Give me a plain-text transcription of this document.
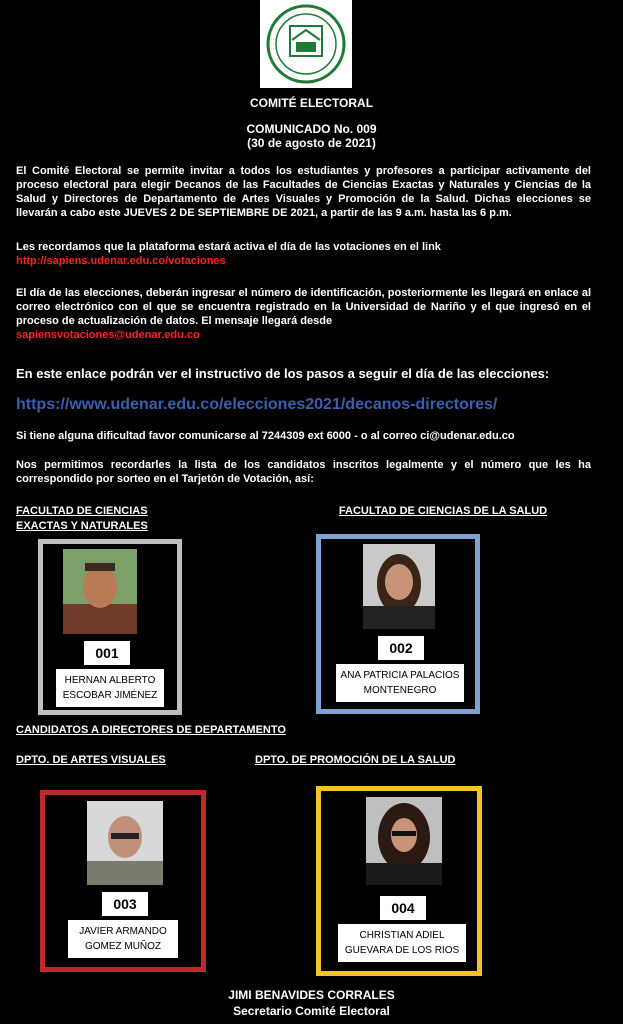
COMITÉ ELECTORAL
COMUNICADO No. 009
(30 de agosto de 2021)
El Comité Electoral se permite invitar a todos los estudiantes y profesores a participar activamente del proceso electoral para elegir Decanos de las Facultades de Ciencias Exactas y Naturales y Ciencias de la Salud y Directores de Departamento de Artes Visuales y Promoción de la Salud. Dichas elecciones se llevarán a cabo este JUEVES 2 DE SEPTIEMBRE DE 2021, a partir de las 9 a.m. hasta las 6 p.m.
Les recordamos que la plataforma estará activa el día de las votaciones en el link
http://sapiens.udenar.edu.co/votaciones
El día de las elecciones, deberán ingresar el número de identificación, posteriormente les llegará en enlace al correo electrónico con el que se encuentra registrado en la Universidad de Nariño y el que ingresó en el proceso de actualización de datos. El mensaje llegará desde
sapiensvotaciones@udenar.edu.co
En este enlace podrán ver el instructivo de los pasos a seguir el día de las elecciones:
https://www.udenar.edu.co/elecciones2021/decanos-directores/
Si tiene alguna dificultad favor comunicarse al 7244309 ext 6000 - o al correo ci@udenar.edu.co
Nos permitimos recordarles la lista de los candidatos inscritos legalmente y el número que les ha correspondido por sorteo en el Tarjetón de Votación, así:
FACULTAD DE CIENCIAS EXACTAS Y NATURALES
FACULTAD DE CIENCIAS DE LA SALUD
001
HERNAN ALBERTO
ESCOBAR JIMÉNEZ
002
ANA PATRICIA PALACIOS
MONTENEGRO
CANDIDATOS A DIRECTORES DE DEPARTAMENTO
DPTO. DE ARTES VISUALES	DPTO. DE PROMOCIÓN DE LA SALUD
003
JAVIER ARMANDO
GOMEZ MUÑOZ
004
CHRISTIAN ADIEL
GUEVARA DE LOS RIOS
JIMI BENAVIDES CORRALES
Secretario Comité Electoral
